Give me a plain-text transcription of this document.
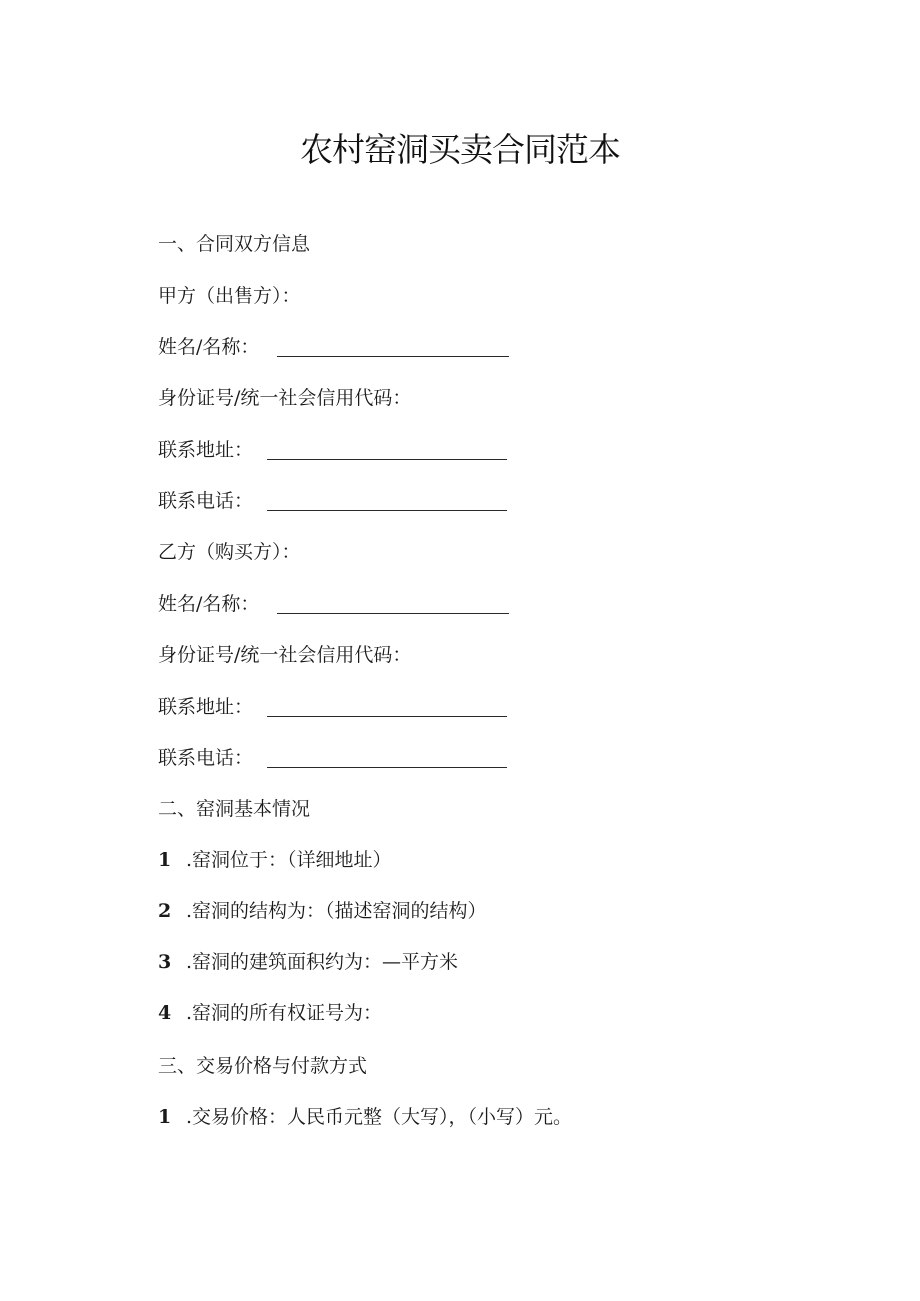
农村窑洞买卖合同范本
一、合同双方信息
甲方（出售方）：
姓名/名称：
身份证号/统一社会信用代码：
联系地址：
联系电话：
乙方（购买方）：
姓名/名称：
身份证号/统一社会信用代码：
联系地址：
联系电话：
二、窑洞基本情况
1 .窑洞位于：（详细地址）
2 .窑洞的结构为：（描述窑洞的结构）
3 .窑洞的建筑面积约为：—平方米
4 .窑洞的所有权证号为：
三、交易价格与付款方式
1 .交易价格：人民币元整（大写），（小写）元。
